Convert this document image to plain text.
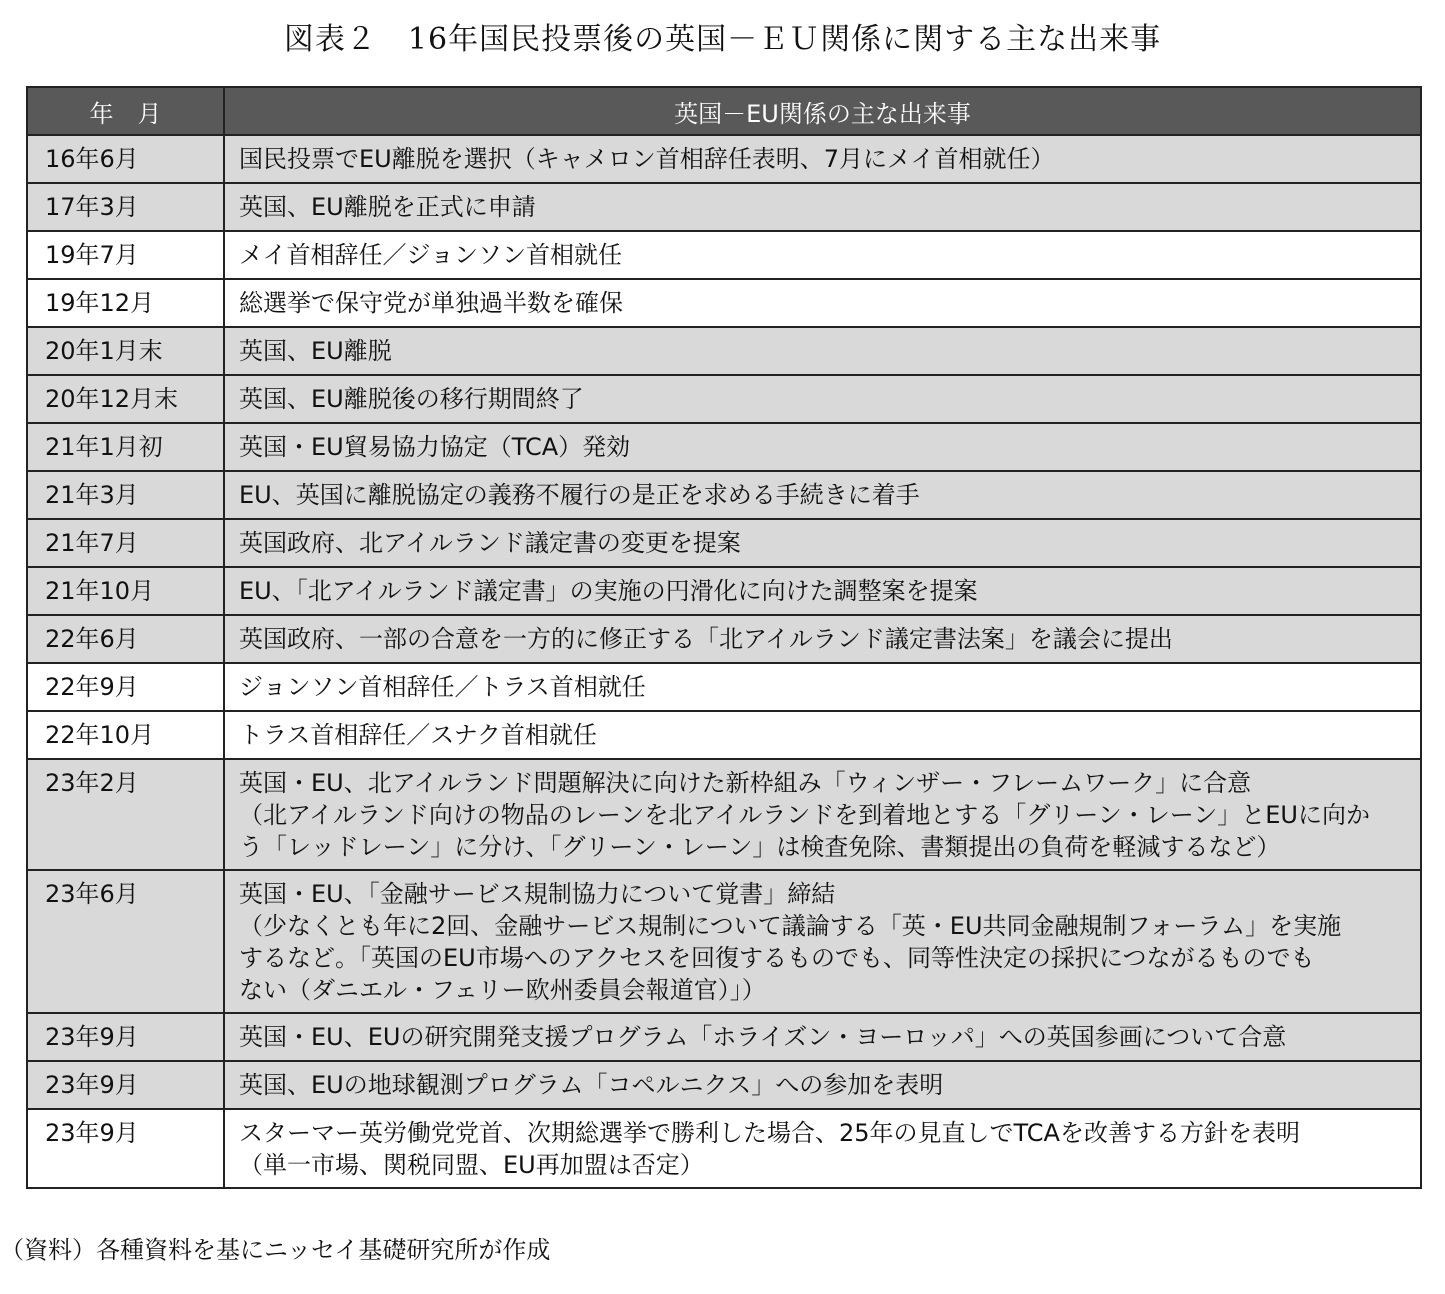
図表２　16年国民投票後の英国－ＥＵ関係に関する主な出来事
年　月	英国－EU関係の主な出来事
16年6月	国民投票でEU離脱を選択（キャメロン首相辞任表明、7月にメイ首相就任）

17年3月	英国、EU離脱を正式に申請

19年7月	メイ首相辞任／ジョンソン首相就任

19年12月	総選挙で保守党が単独過半数を確保

20年1月末	英国、EU離脱

20年12月末	英国、EU離脱後の移行期間終了

21年1月初	英国・EU貿易協力協定（TCA）発効

21年3月	EU、英国に離脱協定の義務不履行の是正を求める手続きに着手

21年7月	英国政府、北アイルランド議定書の変更を提案

21年10月	EU、「北アイルランド議定書」の実施の円滑化に向けた調整案を提案

22年6月	英国政府、一部の合意を一方的に修正する「北アイルランド議定書法案」を議会に提出

22年9月	ジョンソン首相辞任／トラス首相就任

22年10月	トラス首相辞任／スナク首相就任

23年2月	英国・EU、北アイルランド問題解決に向けた新枠組み「ウィンザー・フレームワーク」に合意
（北アイルランド向けの物品のレーンを北アイルランドを到着地とする「グリーン・レーン」とEUに向か
う「レッドレーン」に分け、「グリーン・レーン」は検査免除、書類提出の負荷を軽減するなど）

23年6月	英国・EU、「金融サービス規制協力について覚書」締結
（少なくとも年に2回、金融サービス規制について議論する「英・EU共同金融規制フォーラム」を実施
するなど。「英国のEU市場へのアクセスを回復するものでも、同等性決定の採択につながるものでも
ない（ダニエル・フェリー欧州委員会報道官）」）

23年9月	英国・EU、EUの研究開発支援プログラム「ホライズン・ヨーロッパ」への英国参画について合意

23年9月	英国、EUの地球観測プログラム「コペルニクス」への参加を表明

23年9月	スターマー英労働党党首、次期総選挙で勝利した場合、25年の見直しでTCAを改善する方針を表明
（単一市場、関税同盟、EU再加盟は否定）
（資料）各種資料を基にニッセイ基礎研究所が作成
